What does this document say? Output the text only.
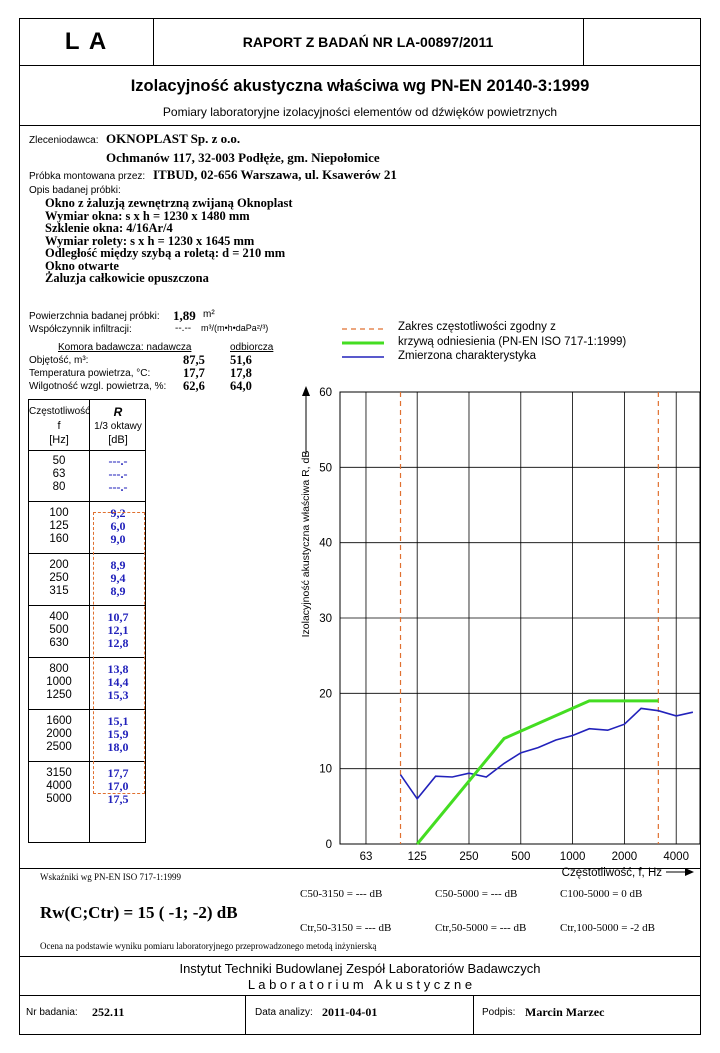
L A	RAPORT Z BADAŃ NR LA-00897/2011
Izolacyjność akustyczna właściwa wg PN-EN 20140-3:1999
Pomiary laboratoryjne izolacyjności elementów od dźwięków powietrznych
Zleceniodawca: OKNOPLAST Sp. z o.o.
Ochmanów 117, 32-003 Podłęże, gm. Niepołomice
Próbka montowana przez: ITBUD, 02-656 Warszawa, ul. Ksawerów 21
Opis badanej próbki:
Okno z żaluzją zewnętrzną zwijaną Oknoplast
Wymiar okna: s x h = 1230 x 1480 mm
Szklenie okna: 4/16Ar/4
Wymiar rolety: s x h = 1230 x 1645 mm
Odległość między szybą a roletą: d = 210 mm
Okno otwarte
Żaluzja całkowicie opuszczona
Powierzchnia badanej próbki: 1,89 m²
Współczynnik infiltracji:	--.-- m³/(m•h•daPa²/³)
Komora badawcza: nadawcza	odbiorcza
Objętość, m³:	87,5 51,6
Temperatura powietrza, °C:	17,7 17,8
Wilgotność wzgl. powietrza, %: 62,6 64,0
Częstotliwość
f
[Hz]
R
1/3 oktawy
[dB]
50	---.-
63	---.-
80	---.-
100	9,2
125	6,0
160	9,0
200	8,9
250	9,4
315	8,9
400	10,7
500	12,1
630	12,8
800	13,8
1000	14,4
1250	15,3
1600	15,1
2000	15,9
2500	18,0
3150	17,7
4000	17,0
5000	17,5
Zakres częstotliwości zgodny z
krzywą odniesienia (PN-EN ISO 717-1:1999)
Zmierzona charakterystyka
0
10
20
30
40
50
60
63	125	250	500	1000 2000 4000
Izolacyjność akustyczna właściwa R, dB
Częstotliwość, f, Hz
Wskaźniki wg PN-EN ISO 717-1:1999
Rw(C;Ctr) = 15 ( -1; -2) dB
C50-3150 = --- dB	C50-5000 = --- dB	C100-5000 = 0 dB
Ctr,50-3150 = --- dB	Ctr,50-5000 = --- dB	Ctr,100-5000 = -2 dB
Ocena na podstawie wyniku pomiaru laboratoryjnego przeprowadzonego metodą inżynierską
Instytut Techniki Budowlanej Zespół Laboratoriów Badawczych
L a b o r a t o r i u m   A k u s t y c z n e
Nr badania: 252.11	Data analizy: 2011-04-01	Podpis: Marcin Marzec
